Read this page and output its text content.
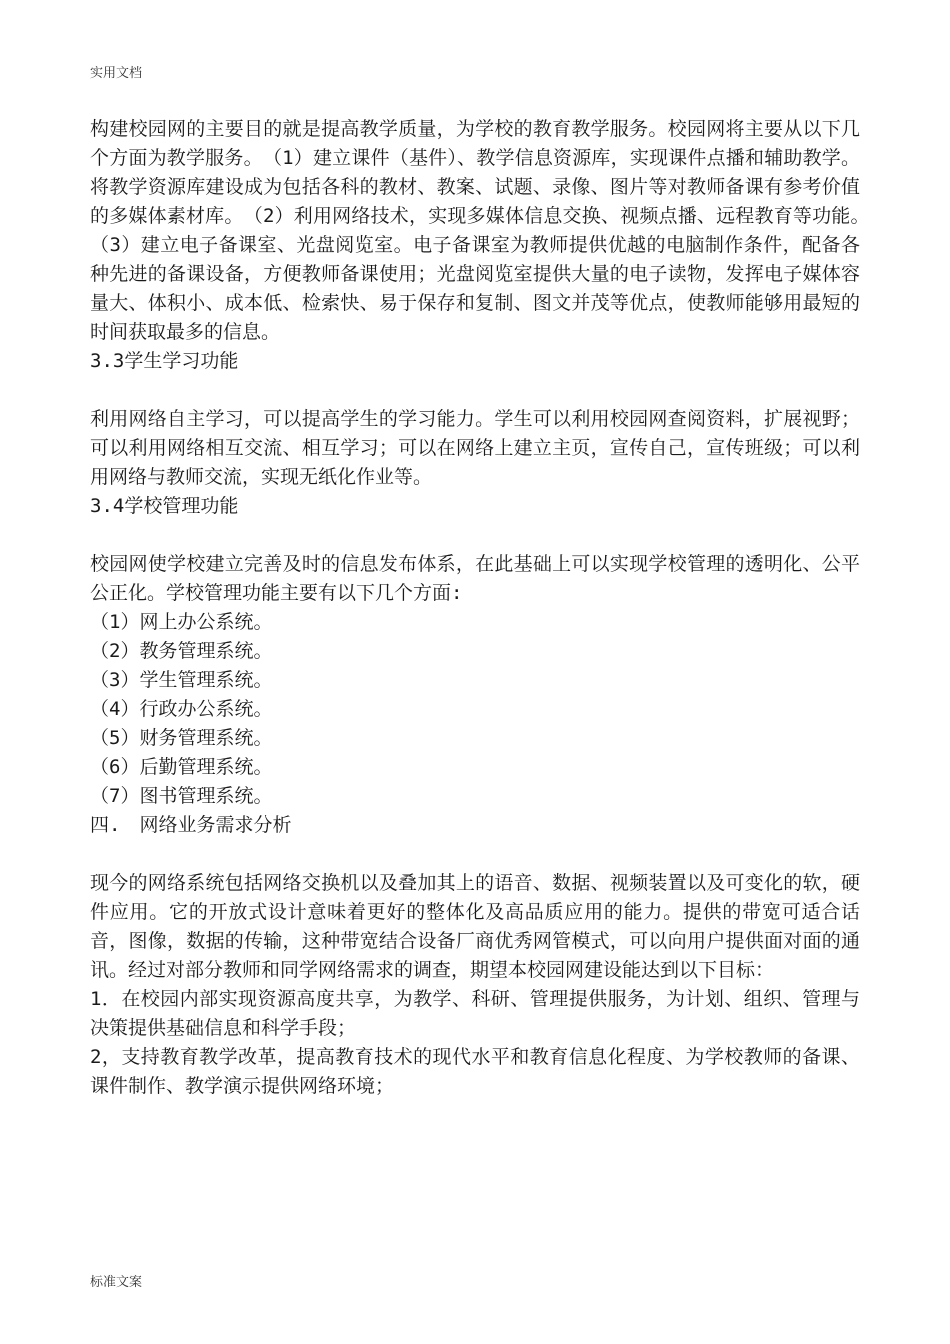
实用文档

构建校园网的主要目的就是提高教学质量，为学校的教育教学服务。校园网将主要从以下几个方面为教学服务。　（1）建立课件（基件）、教学信息资源库，实现课件点播和辅助教学。将教学资源库建设成为包括各科的教材、教案、试题、录像、图片等对教师备课有参考价值的多媒体素材库。　（2）利用网络技术，实现多媒体信息交换、视频点播、远程教育等功能。　（3）建立电子备课室、光盘阅览室。电子备课室为教师提供优越的电脑制作条件，配备各种先进的备课设备，方便教师备课使用；光盘阅览室提供大量的电子读物，发挥电子媒体容量大、体积小、成本低、检索快、易于保存和复制、图文并茂等优点，使教师能够用最短的时间获取最多的信息。

3.3学生学习功能

利用网络自主学习，可以提高学生的学习能力。学生可以利用校园网查阅资料，扩展视野；可以利用网络相互交流、相互学习；可以在网络上建立主页，宣传自己，宣传班级；可以利用网络与教师交流，实现无纸化作业等。

3.4学校管理功能

校园网使学校建立完善及时的信息发布体系，在此基础上可以实现学校管理的透明化、公平公正化。学校管理功能主要有以下几个方面:

（1）网上办公系统。

（2）教务管理系统。

（3）学生管理系统。

（4）行政办公系统。

（5）财务管理系统。

（6）后勤管理系统。

（7）图书管理系统。

四.　网络业务需求分析

现今的网络系统包括网络交换机以及叠加其上的语音、数据、视频装置以及可变化的软，硬件应用。它的开放式设计意味着更好的整体化及高品质应用的能力。提供的带宽可适合话音，图像，数据的传输，这种带宽结合设备厂商优秀网管模式，可以向用户提供面对面的通讯。经过对部分教师和同学网络需求的调查，期望本校园网建设能达到以下目标：

1．在校园内部实现资源高度共享，为教学、科研、管理提供服务，为计划、组织、管理与决策提供基础信息和科学手段；

2，支持教育教学改革，提高教育技术的现代水平和教育信息化程度、为学校教师的备课、课件制作、教学演示提供网络环境；

标准文案
